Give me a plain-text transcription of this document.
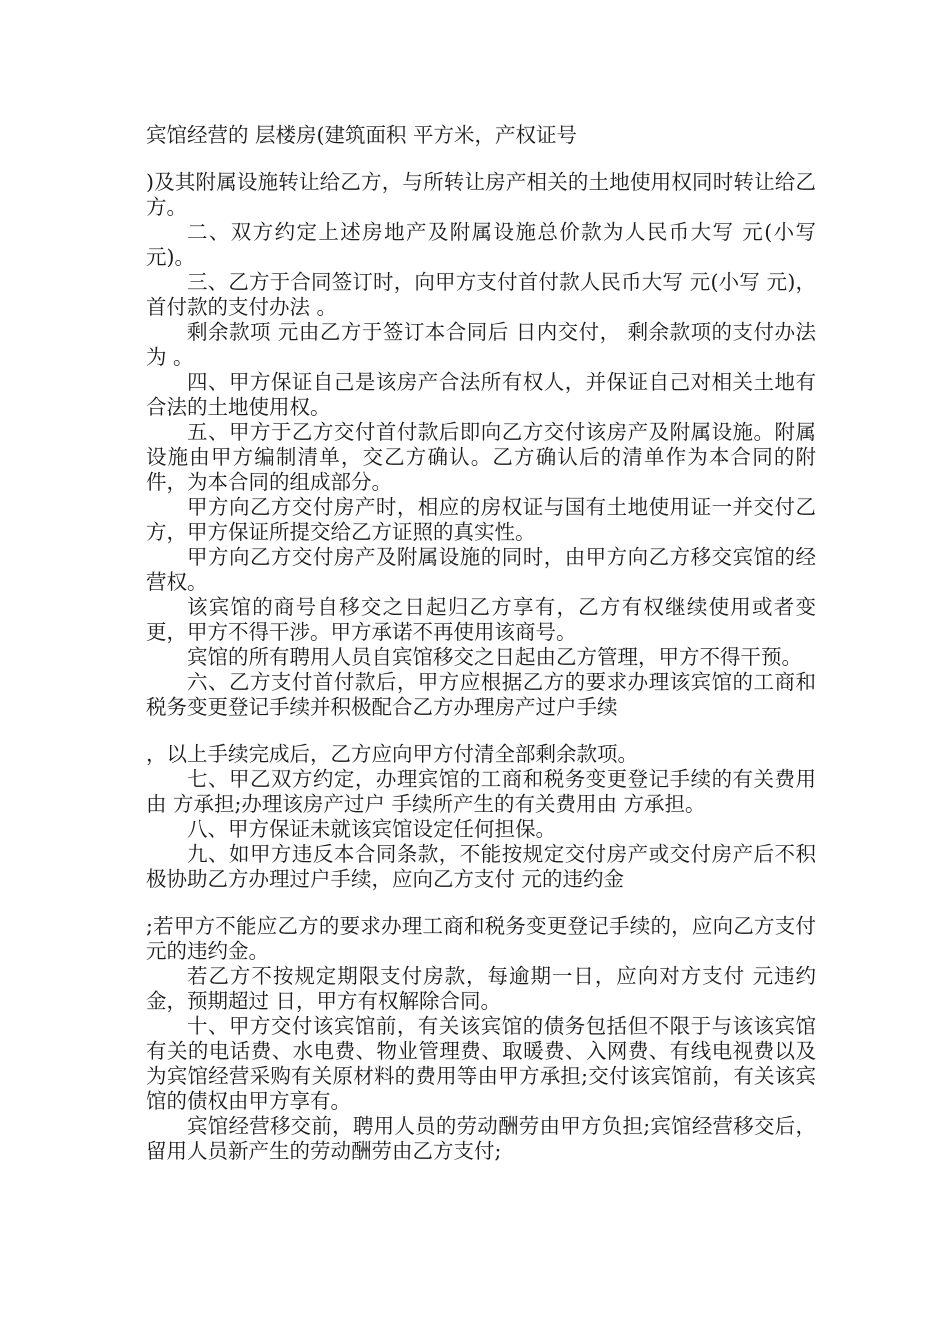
宾馆经营的 层楼房(建筑面积 平方米，产权证号

)及其附属设施转让给乙方，与所转让房产相关的土地使用权同时转让给乙方。

二、双方约定上述房地产及附属设施总价款为人民币大写 元(小写 元)。

三、乙方于合同签订时，向甲方支付首付款人民币大写 元(小写 元)，首付款的支付办法 。

剩余款项 元由乙方于签订本合同后 日内交付， 剩余款项的支付办法为 。

四、甲方保证自己是该房产合法所有权人，并保证自己对相关土地有合法的土地使用权。

五、甲方于乙方交付首付款后即向乙方交付该房产及附属设施。附属设施由甲方编制清单，交乙方确认。乙方确认后的清单作为本合同的附件，为本合同的组成部分。

甲方向乙方交付房产时，相应的房权证与国有土地使用证一并交付乙方，甲方保证所提交给乙方证照的真实性。

甲方向乙方交付房产及附属设施的同时，由甲方向乙方移交宾馆的经营权。

该宾馆的商号自移交之日起归乙方享有，乙方有权继续使用或者变更，甲方不得干涉。甲方承诺不再使用该商号。

宾馆的所有聘用人员自宾馆移交之日起由乙方管理，甲方不得干预。

六、乙方支付首付款后，甲方应根据乙方的要求办理该宾馆的工商和税务变更登记手续并积极配合乙方办理房产过户手续

，以上手续完成后，乙方应向甲方付清全部剩余款项。

七、甲乙双方约定，办理宾馆的工商和税务变更登记手续的有关费用由 方承担;办理该房产过户 手续所产生的有关费用由 方承担。

八、甲方保证未就该宾馆设定任何担保。

九、如甲方违反本合同条款，不能按规定交付房产或交付房产后不积极协助乙方办理过户手续，应向乙方支付 元的违约金

;若甲方不能应乙方的要求办理工商和税务变更登记手续的，应向乙方支付 元的违约金。

若乙方不按规定期限支付房款，每逾期一日，应向对方支付 元违约金，预期超过 日，甲方有权解除合同。

十、甲方交付该宾馆前，有关该宾馆的债务包括但不限于与该该宾馆有关的电话费、水电费、物业管理费、取暖费、入网费、有线电视费以及为宾馆经营采购有关原材料的费用等由甲方承担;交付该宾馆前，有关该宾馆的债权由甲方享有。

宾馆经营移交前，聘用人员的劳动酬劳由甲方负担;宾馆经营移交后，留用人员新产生的劳动酬劳由乙方支付;
